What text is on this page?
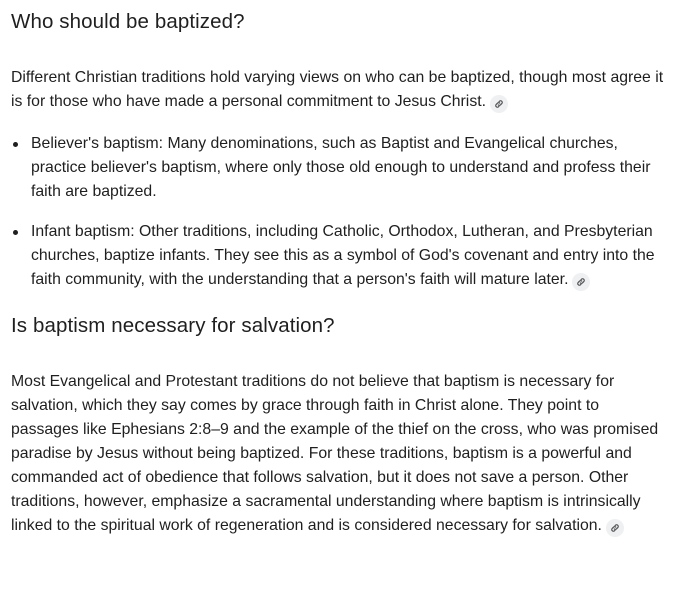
Who should be baptized?

Different Christian traditions hold varying views on who can be baptized, though most agree it is for those who have made a personal commitment to Jesus Christ.

Believer's baptism: Many denominations, such as Baptist and Evangelical churches, practice believer's baptism, where only those old enough to understand and profess their faith are baptized.
Infant baptism: Other traditions, including Catholic, Orthodox, Lutheran, and Presbyterian churches, baptize infants. They see this as a symbol of God's covenant and entry into the faith community, with the understanding that a person's faith will mature later.
Is baptism necessary for salvation?

Most Evangelical and Protestant traditions do not believe that baptism is necessary for salvation, which they say comes by grace through faith in Christ alone. They point to passages like Ephesians 2:8–9 and the example of the thief on the cross, who was promised paradise by Jesus without being baptized. For these traditions, baptism is a powerful and commanded act of obedience that follows salvation, but it does not save a person. Other traditions, however, emphasize a sacramental understanding where baptism is intrinsically linked to the spiritual work of regeneration and is considered necessary for salvation.
